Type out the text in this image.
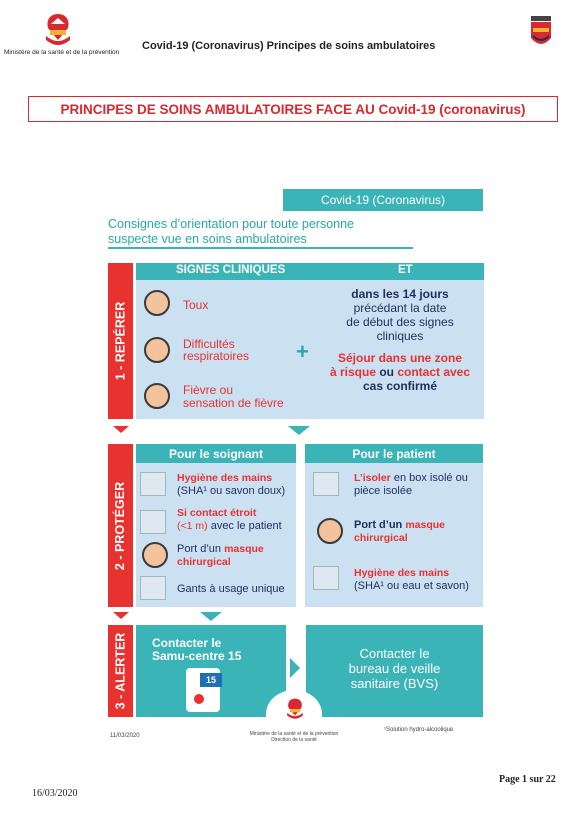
Ministère de la santé et de la prévention
Covid-19 (Coronavirus) Principes de soins ambulatoires
PRINCIPES DE SOINS AMBULATOIRES FACE AU Covid-19 (coronavirus)
Covid-19 (Coronavirus)
Consignes d’orientation pour toute personne
suspecte vue en soins ambulatoires
1 - REPÉRER
SIGNES CLINIQUES	ET
Toux
Difficultés
respiratoires
Fièvre ou
sensation de fièvre
+
dans les 14 jours
précédant la date
de début des signes
cliniques
Séjour dans une zone
à risque ou contact avec
cas confirmé
2 - PROTÉGER
Pour le soignant	Pour le patient
Hygiène des mains
(SHA¹ ou savon doux)
Si contact étroit
(<1 m) avec le patient
Port d’un masque
chirurgical
Gants à usage unique
L’isoler en box isolé ou
pièce isolée
Port d’un masque
chirurgical
Hygiène des mains
(SHA¹ ou eau et savon)
3 - ALERTER Contacter le
Samu-centre 15
15
Contacter le
bureau de veille
sanitaire (BVS)
11/03/2020	Ministère de la santé et de la prévention
Direction de la santé
¹Solution hydro-alcoolique
Page 1 sur 22
16/03/2020
